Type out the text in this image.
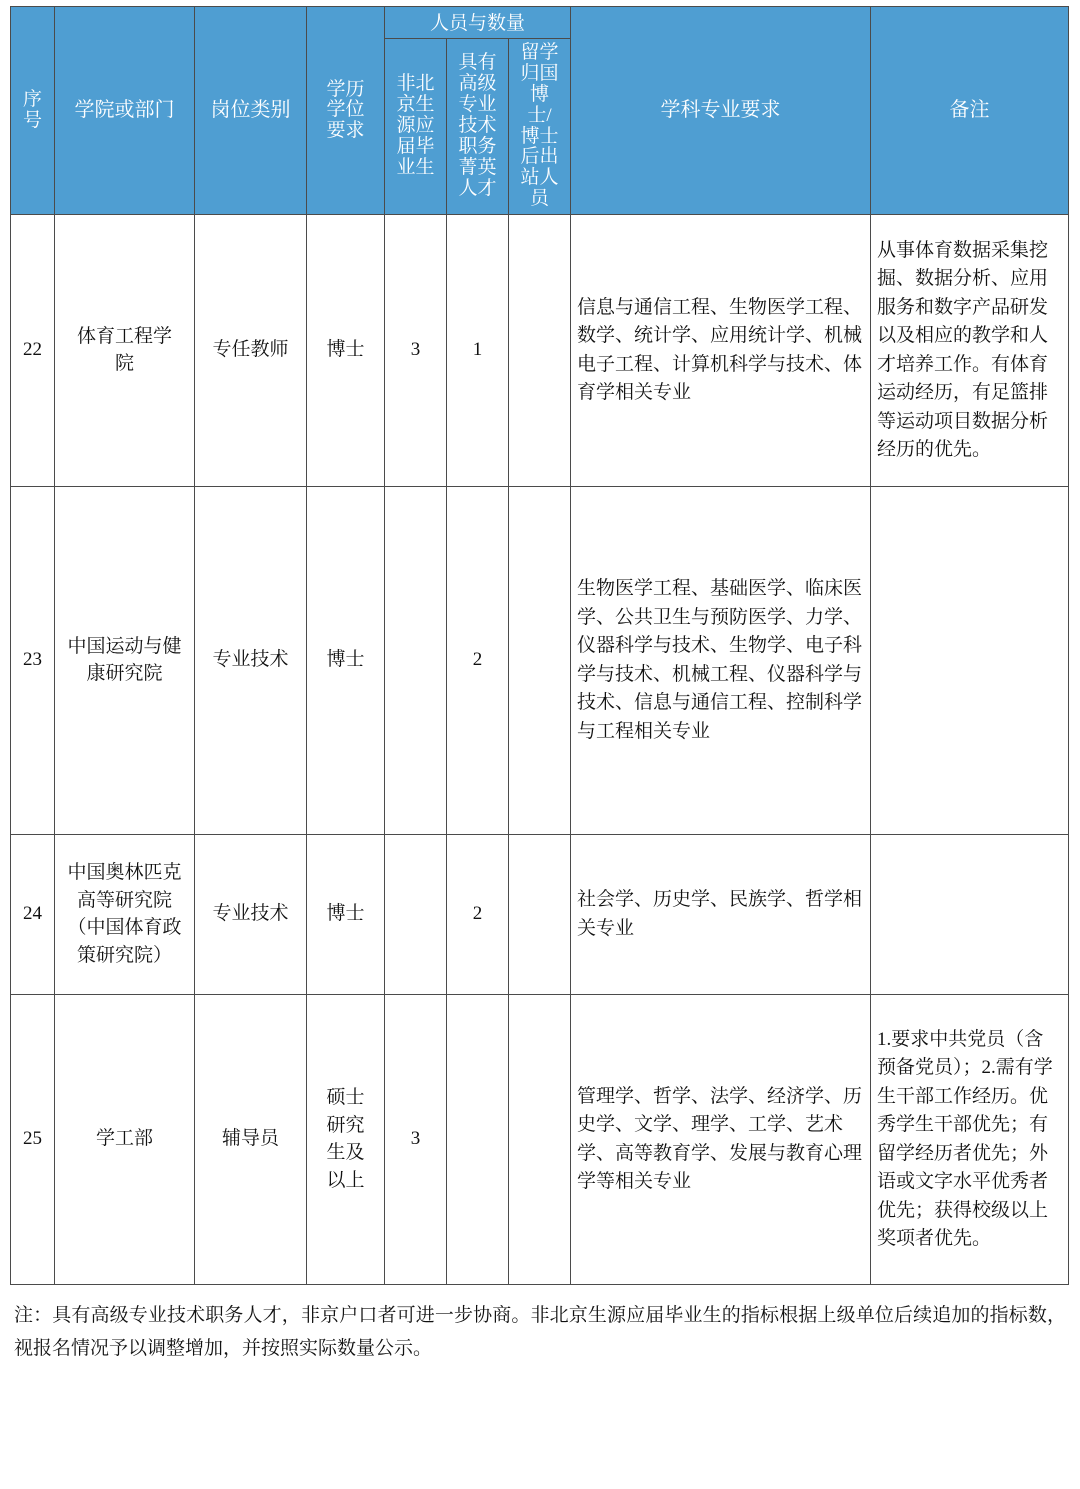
序号	学院或部门	岗位类别	学历学位要求	人员与数量			学科专业要求	备注

				非北京生源应届毕业生	具有高级专业技术职务菁英人才	留学归国博士/博士后出站人员		

22	体育工程学院	专任教师	博士	3	1		信息与通信工程、生物医学工程、数学、统计学、应用统计学、机械电子工程、计算机科学与技术、体育学相关专业	从事体育数据采集挖掘、数据分析、应用服务和数字产品研发以及相应的教学和人才培养工作。有体育运动经历，有足篮排等运动项目数据分析经历的优先。
23	中国运动与健康研究院	专业技术	博士		2		生物医学工程、基础医学、临床医学、公共卫生与预防医学、力学、仪器科学与技术、生物学、电子科学与技术、机械工程、仪器科学与技术、信息与通信工程、控制科学与工程相关专业	
24	中国奥林匹克高等研究院（中国体育政策研究院）	专业技术	博士		2		社会学、历史学、民族学、哲学相关专业	
25	学工部	辅导员	硕士研究生及以上	3			管理学、哲学、法学、经济学、历史学、文学、理学、工学、艺术学、高等教育学、发展与教育心理学等相关专业	1.要求中共党员（含预备党员）；2.需有学生干部工作经历。优秀学生干部优先；有留学经历者优先；外语或文字水平优秀者优先；获得校级以上奖项者优先。

注：具有高级专业技术职务人才，非京户口者可进一步协商。非北京生源应届毕业生的指标根据上级单位后续追加的指标数，视报名情况予以调整增加，并按照实际数量公示。
